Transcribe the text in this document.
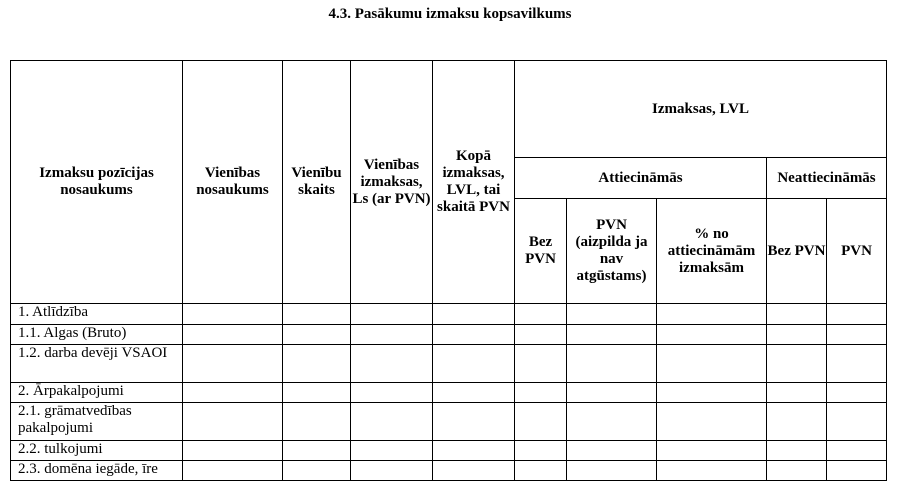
4.3. Pasākumu izmaksu kopsavilkums
Izmaksu pozīcijas nosaukums	Vienības nosaukums	Vienību skaits	Vienības izmaksas, Ls (ar PVN)	Kopā izmaksas, LVL, tai skaitā PVN	Izmaksas, LVL				
					Attiecināmās			Neattiecināmās	
					Bez PVN	PVN (aizpilda ja nav atgūstams)	% no attiecināmām izmaksām	Bez PVN	PVN
1. Atlīdzība									
1.1. Algas (Bruto)									
1.2. darba devēji VSAOI									
2. Ārpakalpojumi									
2.1. grāmatvedības pakalpojumi									
2.2. tulkojumi									
2.3. domēna iegāde, īre									
